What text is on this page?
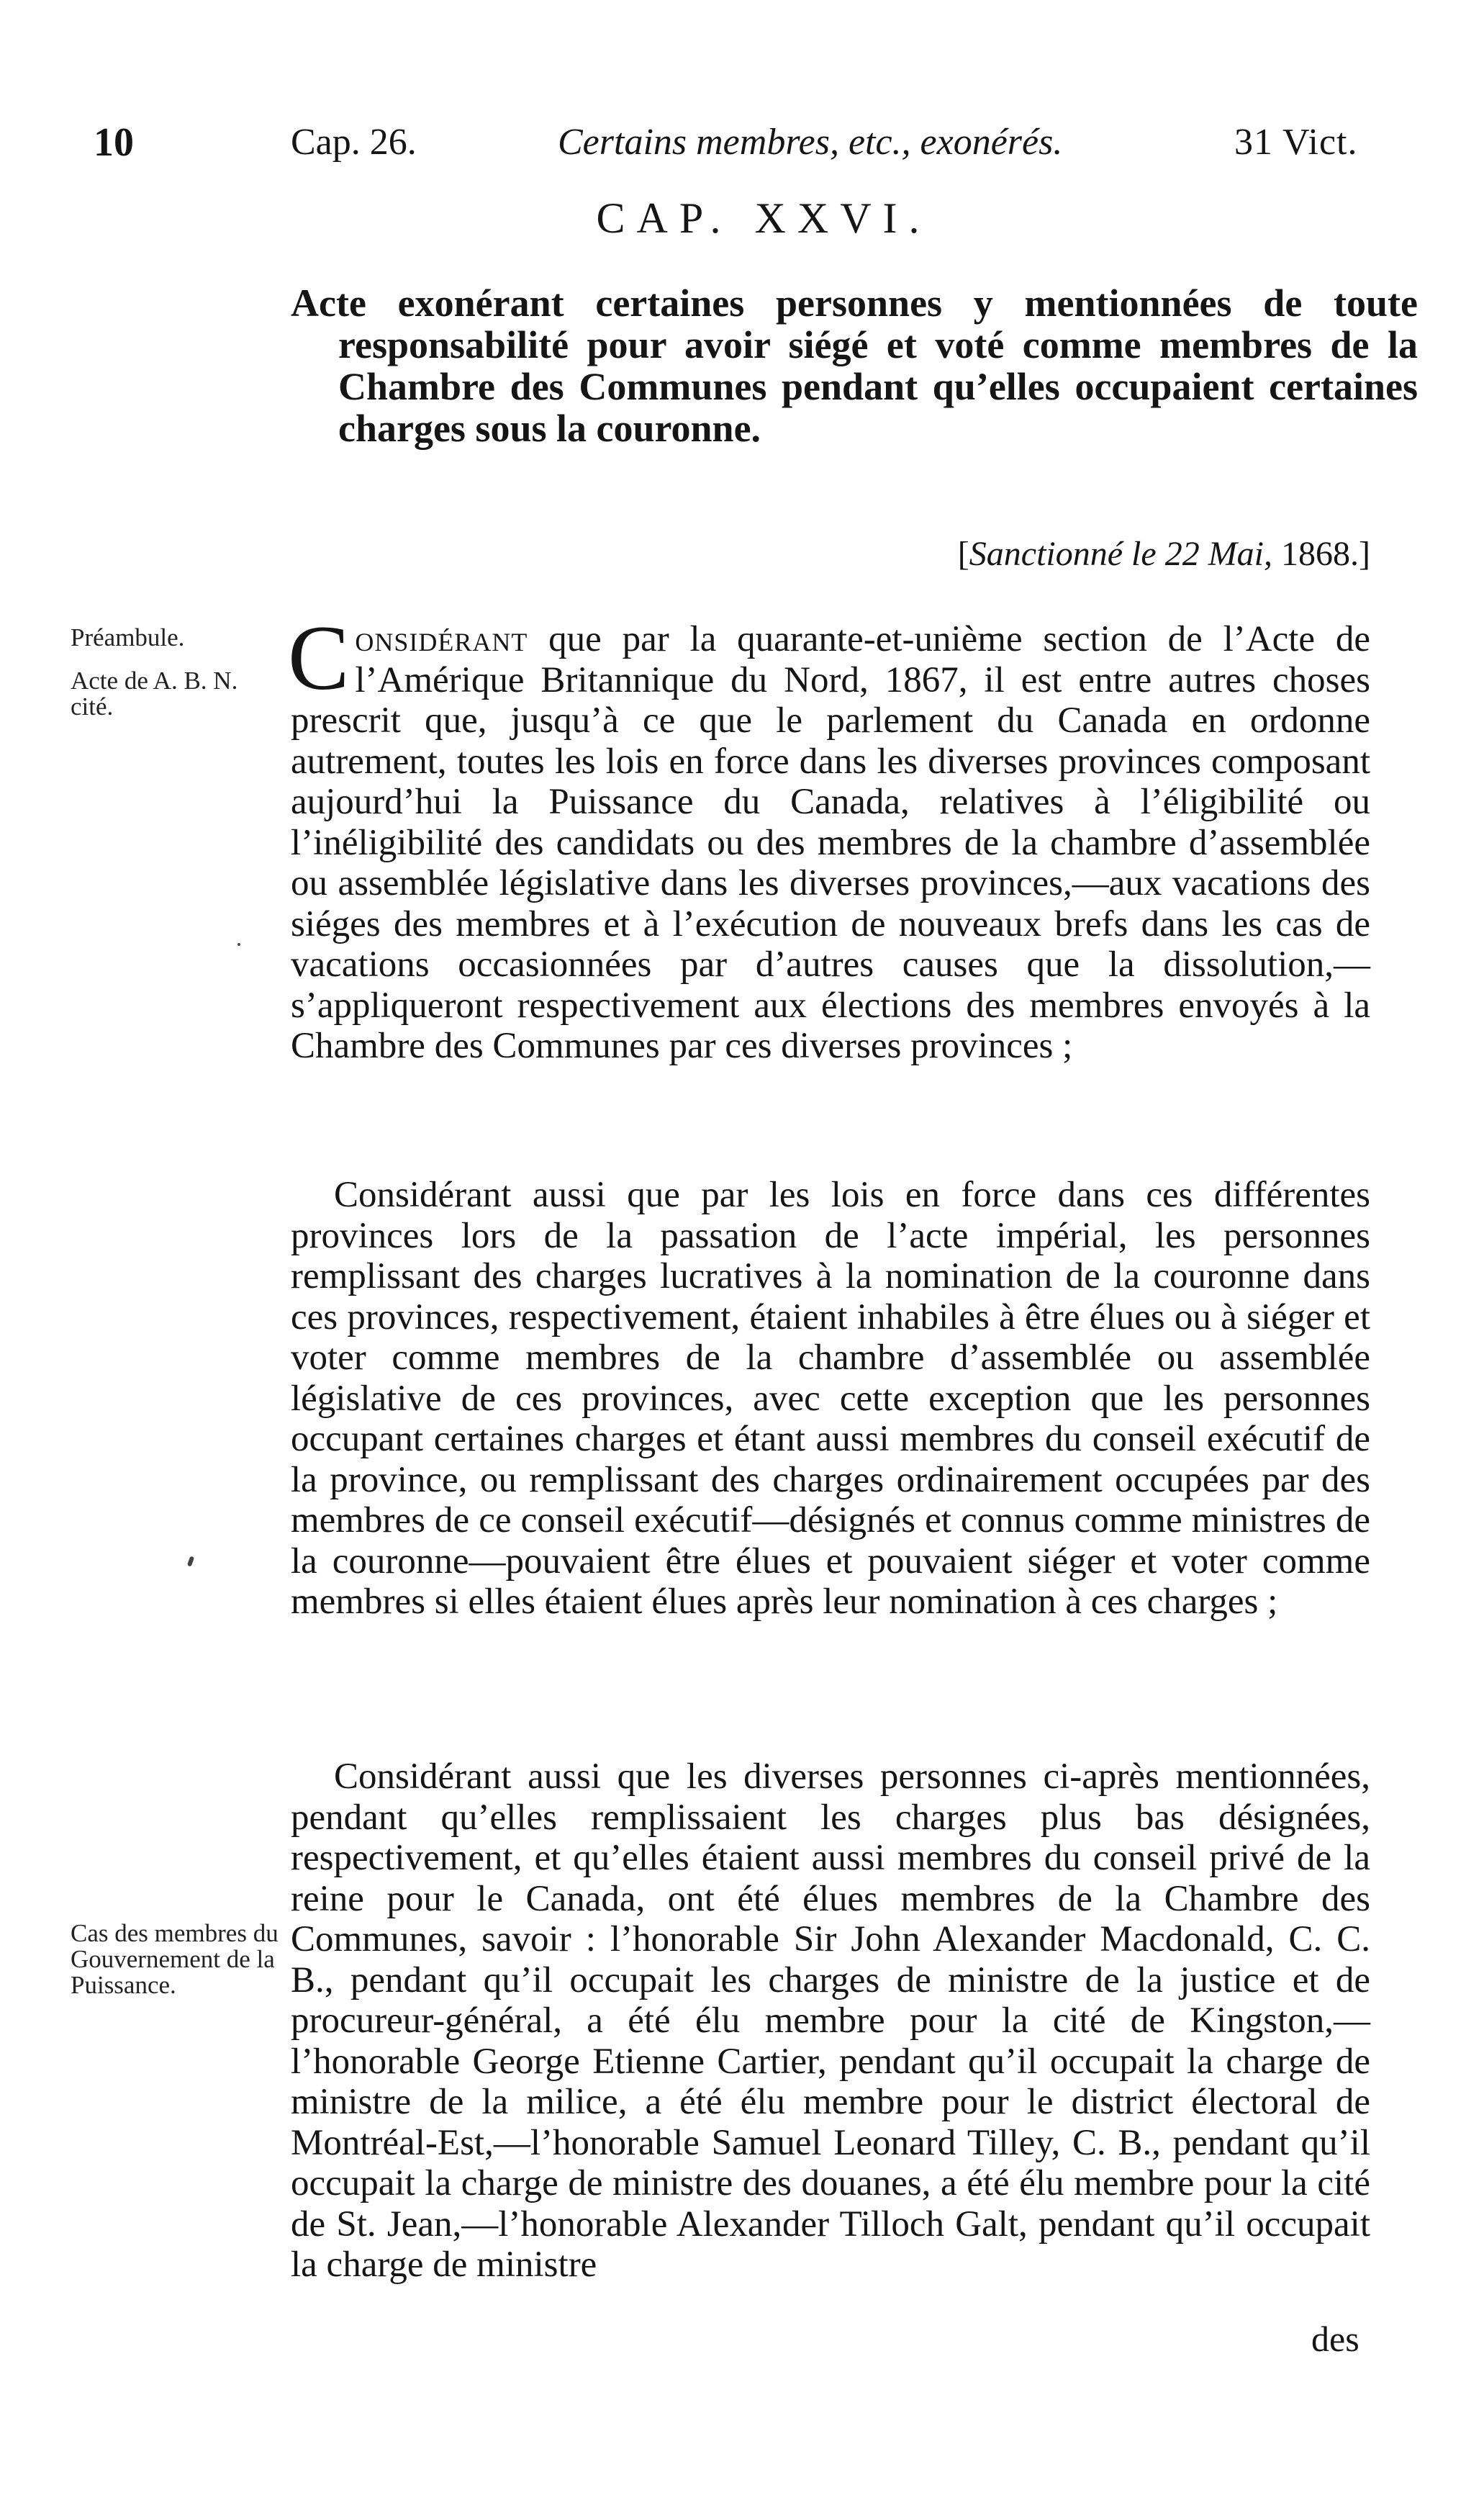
10	Cap. 26.	Certains membres, etc., exonérés.	31 Vict.
CAP. XXVI.
Acte exonérant certaines personnes y mentionnées de toute responsabilité pour avoir siégé et voté comme membres de la Chambre des Communes pendant qu’elles occupaient certaines charges sous la couronne.
[Sanctionné le 22 Mai, 1868.]
Préambule.
Acte de A. B. N. cité.
Cas des membres du Gouvernement de la Puissance.

Considérant que par la quarante-et-unième section de l’Acte de l’Amérique Britannique du Nord, 1867, il est entre autres choses prescrit que, jusqu’à ce que le parlement du Canada en ordonne autrement, toutes les lois en force dans les diverses provinces composant aujourd’hui la Puissance du Canada, relatives à l’éligibilité ou l’inéligibilité des candidats ou des membres de la chambre d’assemblée ou assemblée législative dans les diverses provinces,—aux vacations des siéges des membres et à l’exécution de nouveaux brefs dans les cas de vacations occasionnées par d’autres causes que la dissolution,—s’appliqueront respectivement aux élections des membres envoyés à la Chambre des Communes par ces diverses provinces ;

Considérant aussi que par les lois en force dans ces différentes provinces lors de la passation de l’acte impérial, les personnes remplissant des charges lucratives à la nomination de la couronne dans ces provinces, respectivement, étaient inhabiles à être élues ou à siéger et voter comme membres de la chambre d’assemblée ou assemblée législative de ces provinces, avec cette exception que les personnes occupant certaines charges et étant aussi membres du conseil exécutif de la province, ou remplissant des charges ordinairement occupées par des membres de ce conseil exécutif—désignés et connus comme ministres de la couronne—pouvaient être élues et pouvaient siéger et voter comme membres si elles étaient élues après leur nomination à ces charges ;

Considérant aussi que les diverses personnes ci-après mentionnées, pendant qu’elles remplissaient les charges plus bas désignées, respectivement, et qu’elles étaient aussi membres du conseil privé de la reine pour le Canada, ont été élues membres de la Chambre des Communes, savoir : l’honorable Sir John Alexander Macdonald, C. C. B., pendant qu’il occupait les charges de ministre de la justice et de procureur-général, a été élu membre pour la cité de Kingston,—l’honorable George Etienne Cartier, pendant qu’il occupait la charge de ministre de la milice, a été élu membre pour le district électoral de Montréal-Est,—l’honorable Samuel Leonard Tilley, C. B., pendant qu’il occupait la charge de ministre des douanes, a été élu membre pour la cité de St. Jean,—l’honorable Alexander Tilloch Galt, pendant qu’il occupait la charge de ministre

des
